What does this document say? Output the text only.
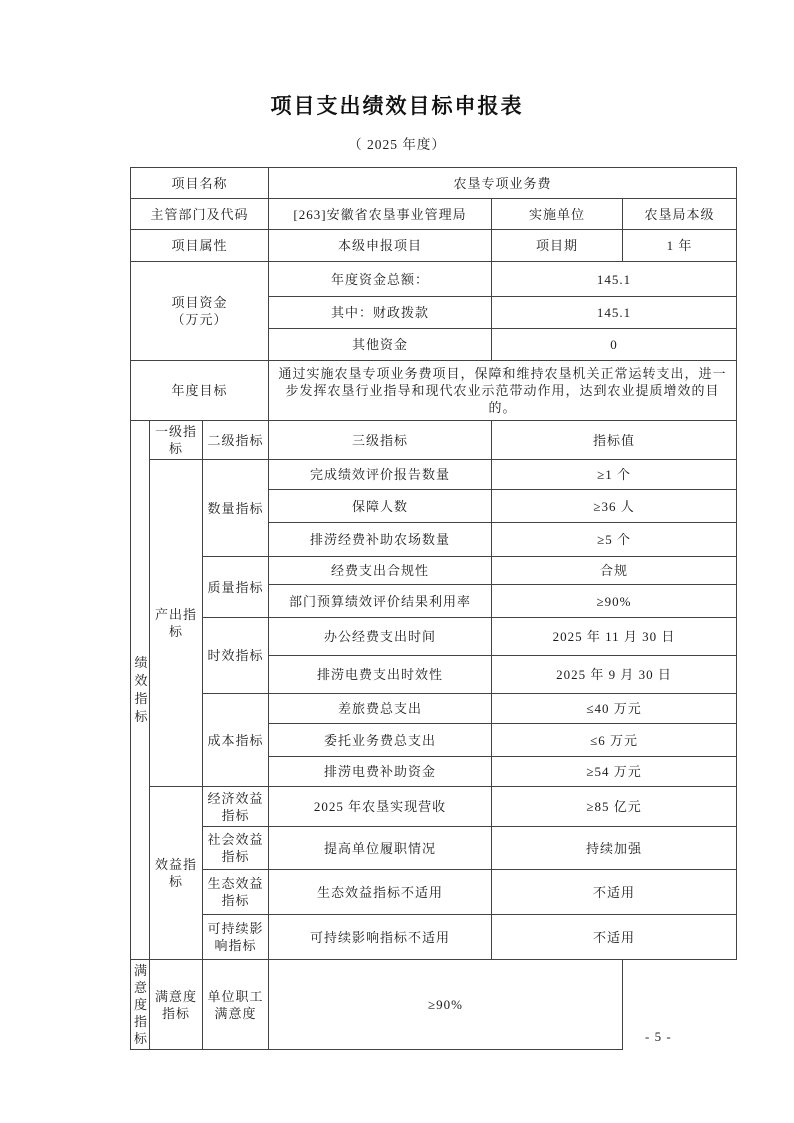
项目支出绩效目标申报表
（ 2025 年度）
项目名称			农垦专项业务费		
主管部门及代码			[263]安徽省农垦事业管理局	实施单位	农垦局本级
项目属性			本级申报项目	项目期	1 年
项目资金
（万元）			年度资金总额：	145.1	
			其中：财政拨款	145.1	
			其他资金	0	
年度目标			通过实施农垦专项业务费项目，保障和维持农垦机关正常运转支出，进一步发挥农垦行业指导和现代农业示范带动作用，达到农业提质增效的目的。		
绩效指标	一级指标	二级指标	三级指标	指标值	
	产出指标	数量指标	完成绩效评价报告数量	≥1 个	
			保障人数	≥36 人	
			排涝经费补助农场数量	≥5 个	
		质量指标	经费支出合规性	合规	
			部门预算绩效评价结果利用率	≥90%	
		时效指标	办公经费支出时间	2025 年 11 月 30 日	
			排涝电费支出时效性	2025 年 9 月 30 日	
		成本指标	差旅费总支出	≤40 万元	
			委托业务费总支出	≤6 万元	
			排涝电费补助资金	≥54 万元	
	效益指标	经济效益指标	2025 年农垦实现营收	≥85 亿元	
		社会效益指标	提高单位履职情况	持续加强	
		生态效益指标	生态效益指标不适用	不适用	
		可持续影响指标	可持续影响指标不适用	不适用	
满意度指标	满意度指标	单位职工满意度	≥90%		
- 5 -
